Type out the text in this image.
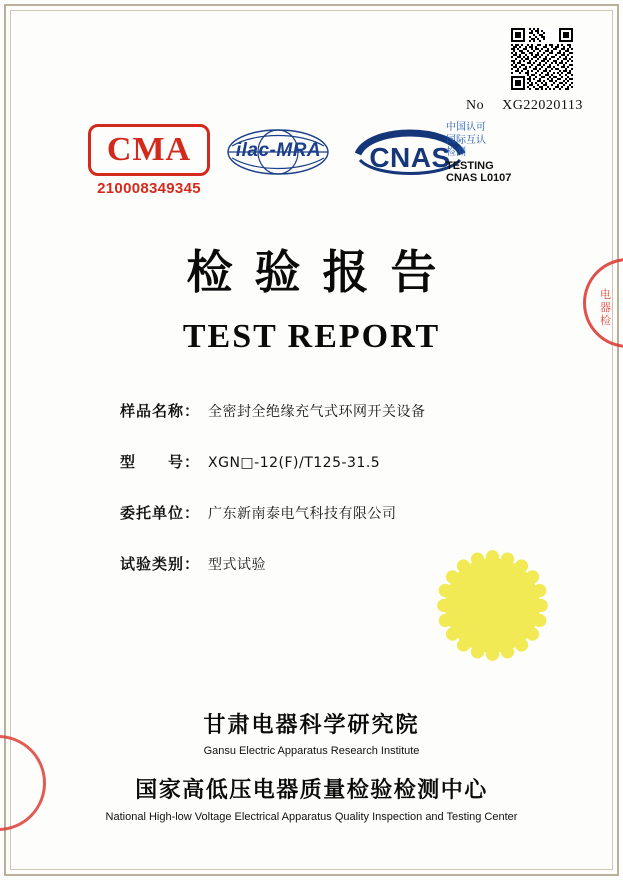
No XG22020113
CMA
210008349345
ilac-MRA	CNAS
中国认可
国际互认
检测
TESTING
CNAS L0107
电器检
检验报告
TEST REPORT
样品名称： 全密封全绝缘充气式环网开关设备
型　　号： XGN□-12(F)/T125-31.5
委托单位： 广东新南泰电气科技有限公司
试验类别： 型式试验
甘肃电器科学研究院
Gansu Electric Apparatus Research Institute
国家高低压电器质量检验检测中心
National High-low Voltage Electrical Apparatus Quality Inspection and Testing Center
